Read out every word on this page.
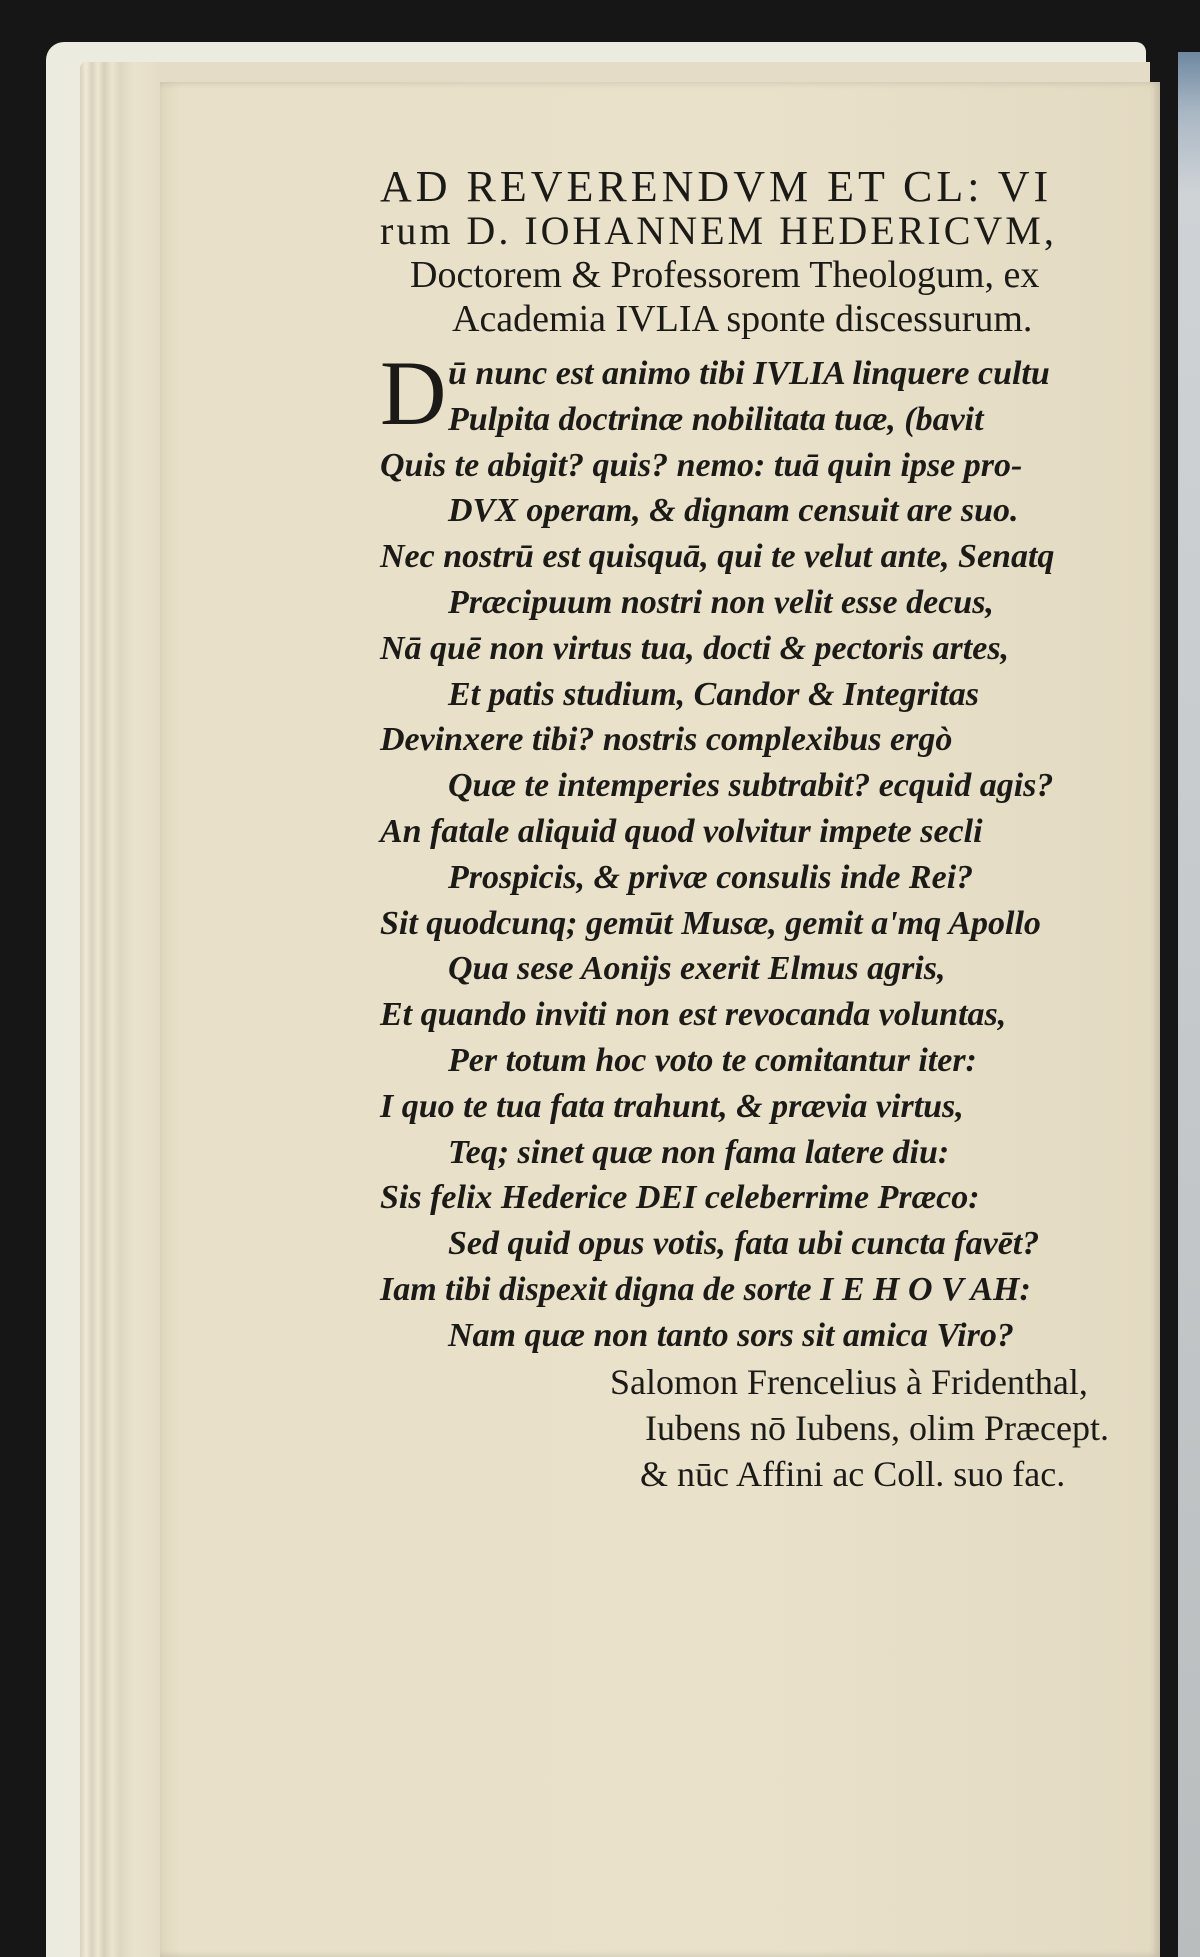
AD REVERENDVM ET CL: VI

rum D. IOHANNEM HEDERICVM,

Doctorem & Professorem Theologum, ex

Academia IVLIA sponte discessurum.

D ū nunc est animo tibi IVLIA linquere cultu

Pulpita doctrinæ nobilitata tuæ, (bavit

Quis te abigit? quis? nemo: tuā quin ipse pro-

DVX operam, & dignam censuit are suo.

Nec nostrū est quisquā, qui te velut ante, Senatq

Præcipuum nostri non velit esse decus,

Nā quē non virtus tua, docti & pectoris artes,

Et patis studium, Candor & Integritas

Devinxere tibi? nostris complexibus ergò

Quæ te intemperies subtrabit? ecquid agis?

An fatale aliquid quod volvitur impete secli

Prospicis, & privæ consulis inde Rei?

Sit quodcunq; gemūt Musæ, gemit a'mq Apollo

Qua sese Aonijs exerit Elmus agris,

Et quando inviti non est revocanda voluntas,

Per totum hoc voto te comitantur iter:

I quo te tua fata trahunt, & prævia virtus,

Teq; sinet quæ non fama latere diu:

Sis felix Hederice DEI celeberrime Præco:

Sed quid opus votis, fata ubi cuncta favēt?

Iam tibi dispexit digna de sorte I E H O V AH:

Nam quæ non tanto sors sit amica Viro?

Salomon Frencelius à Fridenthal,

Iubens nō Iubens, olim Præcept.

& nūc Affini ac Coll. suo fac.
